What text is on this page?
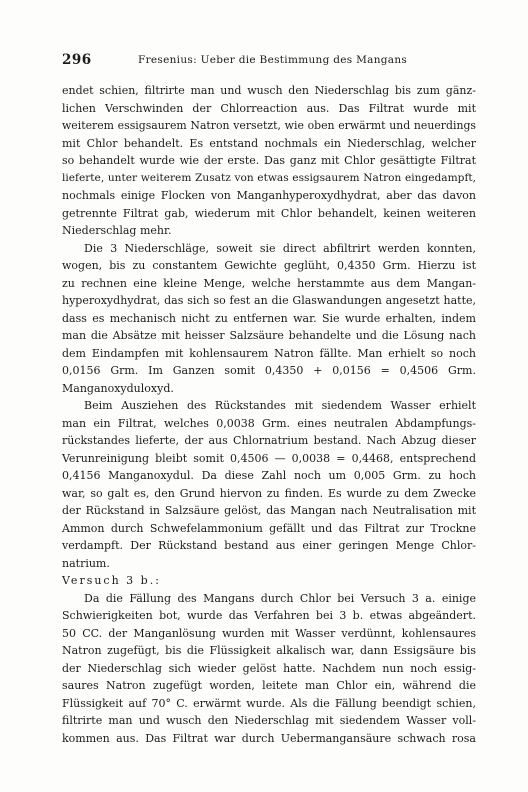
296	Fresenius: Ueber die Bestimmung des Mangans
endet schien, filtrirte man und wusch den Niederschlag bis zum gänz-
lichen Verschwinden der Chlorreaction aus. Das Filtrat wurde mit
weiterem essigsaurem Natron versetzt, wie oben erwärmt und neuerdings
mit Chlor behandelt. Es entstand nochmals ein Niederschlag, welcher
so behandelt wurde wie der erste. Das ganz mit Chlor gesättigte Filtrat
lieferte, unter weiterem Zusatz von etwas essigsaurem Natron eingedampft,
nochmals einige Flocken von Manganhyperoxydhydrat, aber das davon
getrennte Filtrat gab, wiederum mit Chlor behandelt, keinen weiteren
Niederschlag mehr.
Die 3 Niederschläge, soweit sie direct abfiltrirt werden konnten,
wogen, bis zu constantem Gewichte geglüht, 0,4350 Grm. Hierzu ist
zu rechnen eine kleine Menge, welche herstammte aus dem Mangan-
hyperoxydhydrat, das sich so fest an die Glaswandungen angesetzt hatte,
dass es mechanisch nicht zu entfernen war. Sie wurde erhalten, indem
man die Absätze mit heisser Salzsäure behandelte und die Lösung nach
dem Eindampfen mit kohlensaurem Natron fällte. Man erhielt so noch
0,0156 Grm. Im Ganzen somit 0,4350 + 0,0156 = 0,4506 Grm.
Manganoxyduloxyd.
Beim Ausziehen des Rückstandes mit siedendem Wasser erhielt
man ein Filtrat, welches 0,0038 Grm. eines neutralen Abdampfungs-
rückstandes lieferte, der aus Chlornatrium bestand. Nach Abzug dieser
Verunreinigung bleibt somit 0,4506 — 0,0038 = 0,4468, entsprechend
0,4156 Manganoxydul. Da diese Zahl noch um 0,005 Grm. zu hoch
war, so galt es, den Grund hiervon zu finden. Es wurde zu dem Zwecke
der Rückstand in Salzsäure gelöst, das Mangan nach Neutralisation mit
Ammon durch Schwefelammonium gefällt und das Filtrat zur Trockne
verdampft. Der Rückstand bestand aus einer geringen Menge Chlor-
natrium.
Versuch 3 b.:
Da die Fällung des Mangans durch Chlor bei Versuch 3 a. einige
Schwierigkeiten bot, wurde das Verfahren bei 3 b. etwas abgeändert.
50 CC. der Manganlösung wurden mit Wasser verdünnt, kohlensaures
Natron zugefügt, bis die Flüssigkeit alkalisch war, dann Essigsäure bis
der Niederschlag sich wieder gelöst hatte. Nachdem nun noch essig-
saures Natron zugefügt worden, leitete man Chlor ein, während die
Flüssigkeit auf 70° C. erwärmt wurde. Als die Fällung beendigt schien,
filtrirte man und wusch den Niederschlag mit siedendem Wasser voll-
kommen aus. Das Filtrat war durch Uebermangansäure schwach rosa
